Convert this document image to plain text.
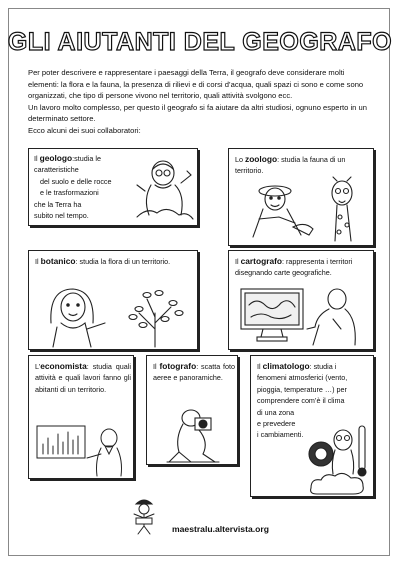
GLI AIUTANTI DEL GEOGRAFO

Per poter descrivere e rappresentare i paesaggi della Terra, il geografo deve considerare molti elementi: la flora e la fauna, la presenza di rilievi e di corsi d’acqua, quali spazi ci sono e come sono organizzati, che tipo di persone vivono nel territorio, quali attività svolgono ecc.

Un lavoro molto complesso, per questo il geografo si fa aiutare da altri studiosi, ognuno esperto in un determinato settore.

Ecco alcuni dei suoi collaboratori:

Il geologo:studia le caratteristiche
del suolo e delle rocce
e le trasformazioni
che la Terra ha
subito nel tempo.
Lo zoologo: studia la fauna di un territorio.
Il botanico: studia la flora di un territorio.	Il cartografo: rappresenta i territori disegnando carte geografiche.
L’economista: studia quali attività e quali lavori fanno gli abitanti di un territorio.
Il fotografo: scatta foto aeree e panoramiche.
Il climatologo: studia i
fenomeni atmosferici (vento,
pioggia, temperature …) per
comprendere com’è il clima
di una zona
e prevedere
i cambiamenti.
maestralu.altervista.org
